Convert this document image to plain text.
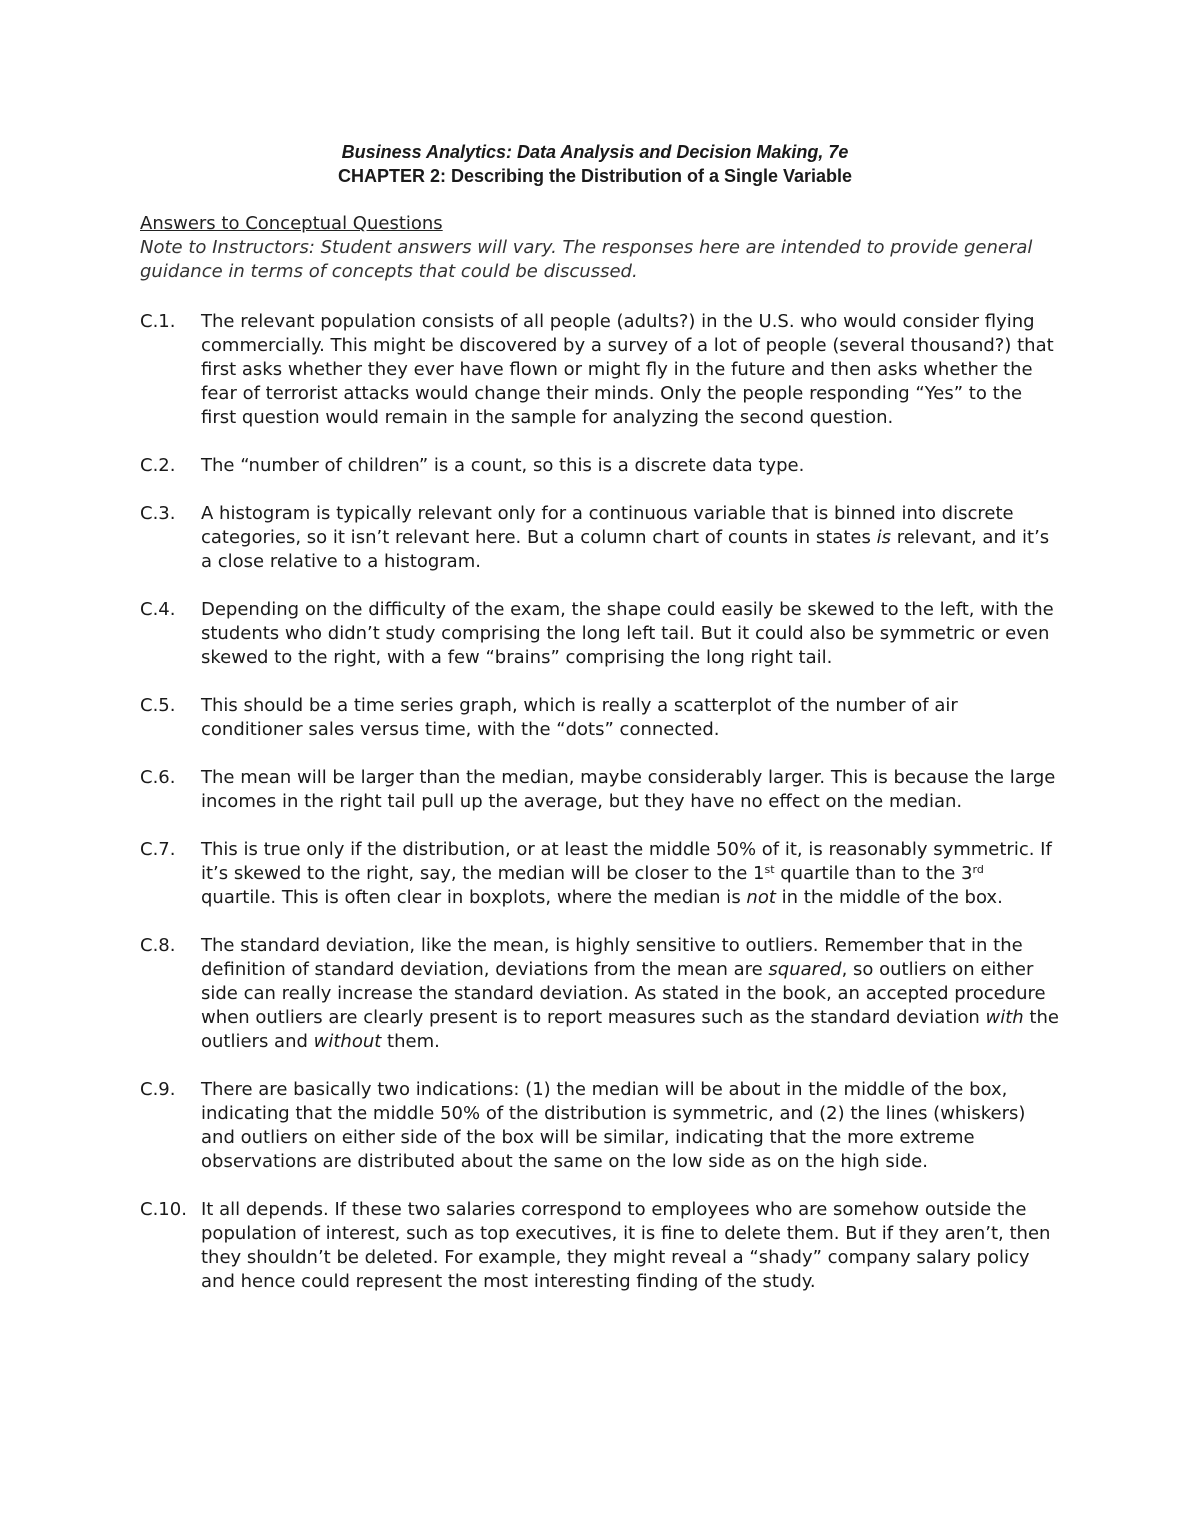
Business Analytics: Data Analysis and Decision Making, 7e
CHAPTER 2: Describing the Distribution of a Single Variable
Answers to Conceptual Questions
Note to Instructors: Student answers will vary. The responses here are intended to provide general guidance in terms of concepts that could be discussed.
C.1.	The relevant population consists of all people (adults?) in the U.S. who would consider flying commercially. This might be discovered by a survey of a lot of people (several thousand?) that first asks whether they ever have flown or might fly in the future and then asks whether the fear of terrorist attacks would change their minds. Only the people responding “Yes” to the first question would remain in the sample for analyzing the second question.
C.2.	The “number of children” is a count, so this is a discrete data type.
C.3.	A histogram is typically relevant only for a continuous variable that is binned into discrete categories, so it isn’t relevant here. But a column chart of counts in states is relevant, and it’s a close relative to a histogram.
C.4.	Depending on the difficulty of the exam, the shape could easily be skewed to the left, with the students who didn’t study comprising the long left tail. But it could also be symmetric or even skewed to the right, with a few “brains” comprising the long right tail.
C.5.	This should be a time series graph, which is really a scatterplot of the number of air conditioner sales versus time, with the “dots” connected.
C.6.	The mean will be larger than the median, maybe considerably larger. This is because the large incomes in the right tail pull up the average, but they have no effect on the median.
C.7.	This is true only if the distribution, or at least the middle 50% of it, is reasonably symmetric. If it’s skewed to the right, say, the median will be closer to the 1st quartile than to the 3rd quartile. This is often clear in boxplots, where the median is not in the middle of the box.
C.8.	The standard deviation, like the mean, is highly sensitive to outliers. Remember that in the definition of standard deviation, deviations from the mean are squared, so outliers on either side can really increase the standard deviation. As stated in the book, an accepted procedure when outliers are clearly present is to report measures such as the standard deviation with the outliers and without them.
C.9.	There are basically two indications: (1) the median will be about in the middle of the box, indicating that the middle 50% of the distribution is symmetric, and (2) the lines (whiskers) and outliers on either side of the box will be similar, indicating that the more extreme observations are distributed about the same on the low side as on the high side.
C.10. It all depends. If these two salaries correspond to employees who are somehow outside the population of interest, such as top executives, it is fine to delete them. But if they aren’t, then they shouldn’t be deleted. For example, they might reveal a “shady” company salary policy and hence could represent the most interesting finding of the study.
